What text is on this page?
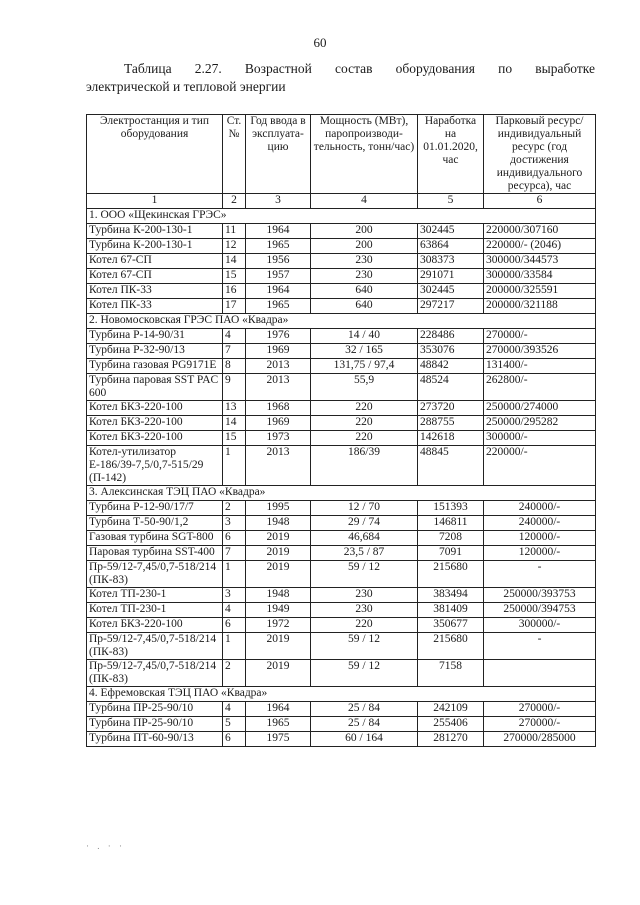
60
Таблица 2.27. Возрастной состав оборудования по выработке
электрической и тепловой энергии
Электростанция и тип оборудования	Ст. №	Год ввода в эксплуата-цию	Мощность (МВт), паропроизводи-тельность, тонн/час)	Наработка на 01.01.2020, час	Парковый ресурс/ индивидуальный ресурс (год достижения индивидуального ресурса), час
1	2	3	4	5	6
1. ООО «Щекинская ГРЭС»					
Турбина К-200-130-1	11	1964	200	302445	220000/307160
Турбина К-200-130-1	12	1965	200	63864	220000/- (2046)
Котел 67-СП	14	1956	230	308373	300000/344573
Котел 67-СП	15	1957	230	291071	300000/33584
Котел ПК-33	16	1964	640	302445	200000/325591
Котел ПК-33	17	1965	640	297217	200000/321188
2. Новомосковская ГРЭС ПАО «Квадра»					
Турбина Р-14-90/31	4	1976	14 / 40	228486	270000/-
Турбина Р-32-90/13	7	1969	32 / 165	353076	270000/393526
Турбина газовая PG9171E	8	2013	131,75 / 97,4	48842	131400/-
Турбина паровая SST PAC 600	9	2013	55,9	48524	262800/-
Котел БКЗ-220-100	13	1968	220	273720	250000/274000
Котел БКЗ-220-100	14	1969	220	288755	250000/295282
Котел БКЗ-220-100	15	1973	220	142618	300000/-
Котел-утилизатор Е-186/39-7,5/0,7-515/29 (П-142)	1	2013	186/39	48845	220000/-
3. Алексинская ТЭЦ ПАО «Квадра»					
Турбина Р-12-90/17/7	2	1995	12 / 70	151393	240000/-
Турбина Т-50-90/1,2	3	1948	29 / 74	146811	240000/-

Газовая турбина SGT-800	6	2019	46,684	7208	120000/-

Паровая турбина SST-400	7	2019	23,5 / 87	7091	120000/-
Пр-59/12-7,45/0,7-518/214 (ПК-83)	1	2019	59 / 12	215680	-
Котел ТП-230-1	3	1948	230	383494	250000/393753
Котел ТП-230-1	4	1949	230	381409	250000/394753
Котел БКЗ-220-100	6	1972	220	350677	300000/-
Пр-59/12-7,45/0,7-518/214 (ПК-83)	1	2019	59 / 12	215680	-
Пр-59/12-7,45/0,7-518/214 (ПК-83)	2	2019	59 / 12	7158	
4. Ефремовская ТЭЦ ПАО «Квадра»					
Турбина ПР-25-90/10	4	1964	25 / 84	242109	270000/-
Турбина ПР-25-90/10	5	1965	25 / 84	255406	270000/-
Турбина ПТ-60-90/13	6	1975	60 / 164	281270	270000/285000
· . · ·
